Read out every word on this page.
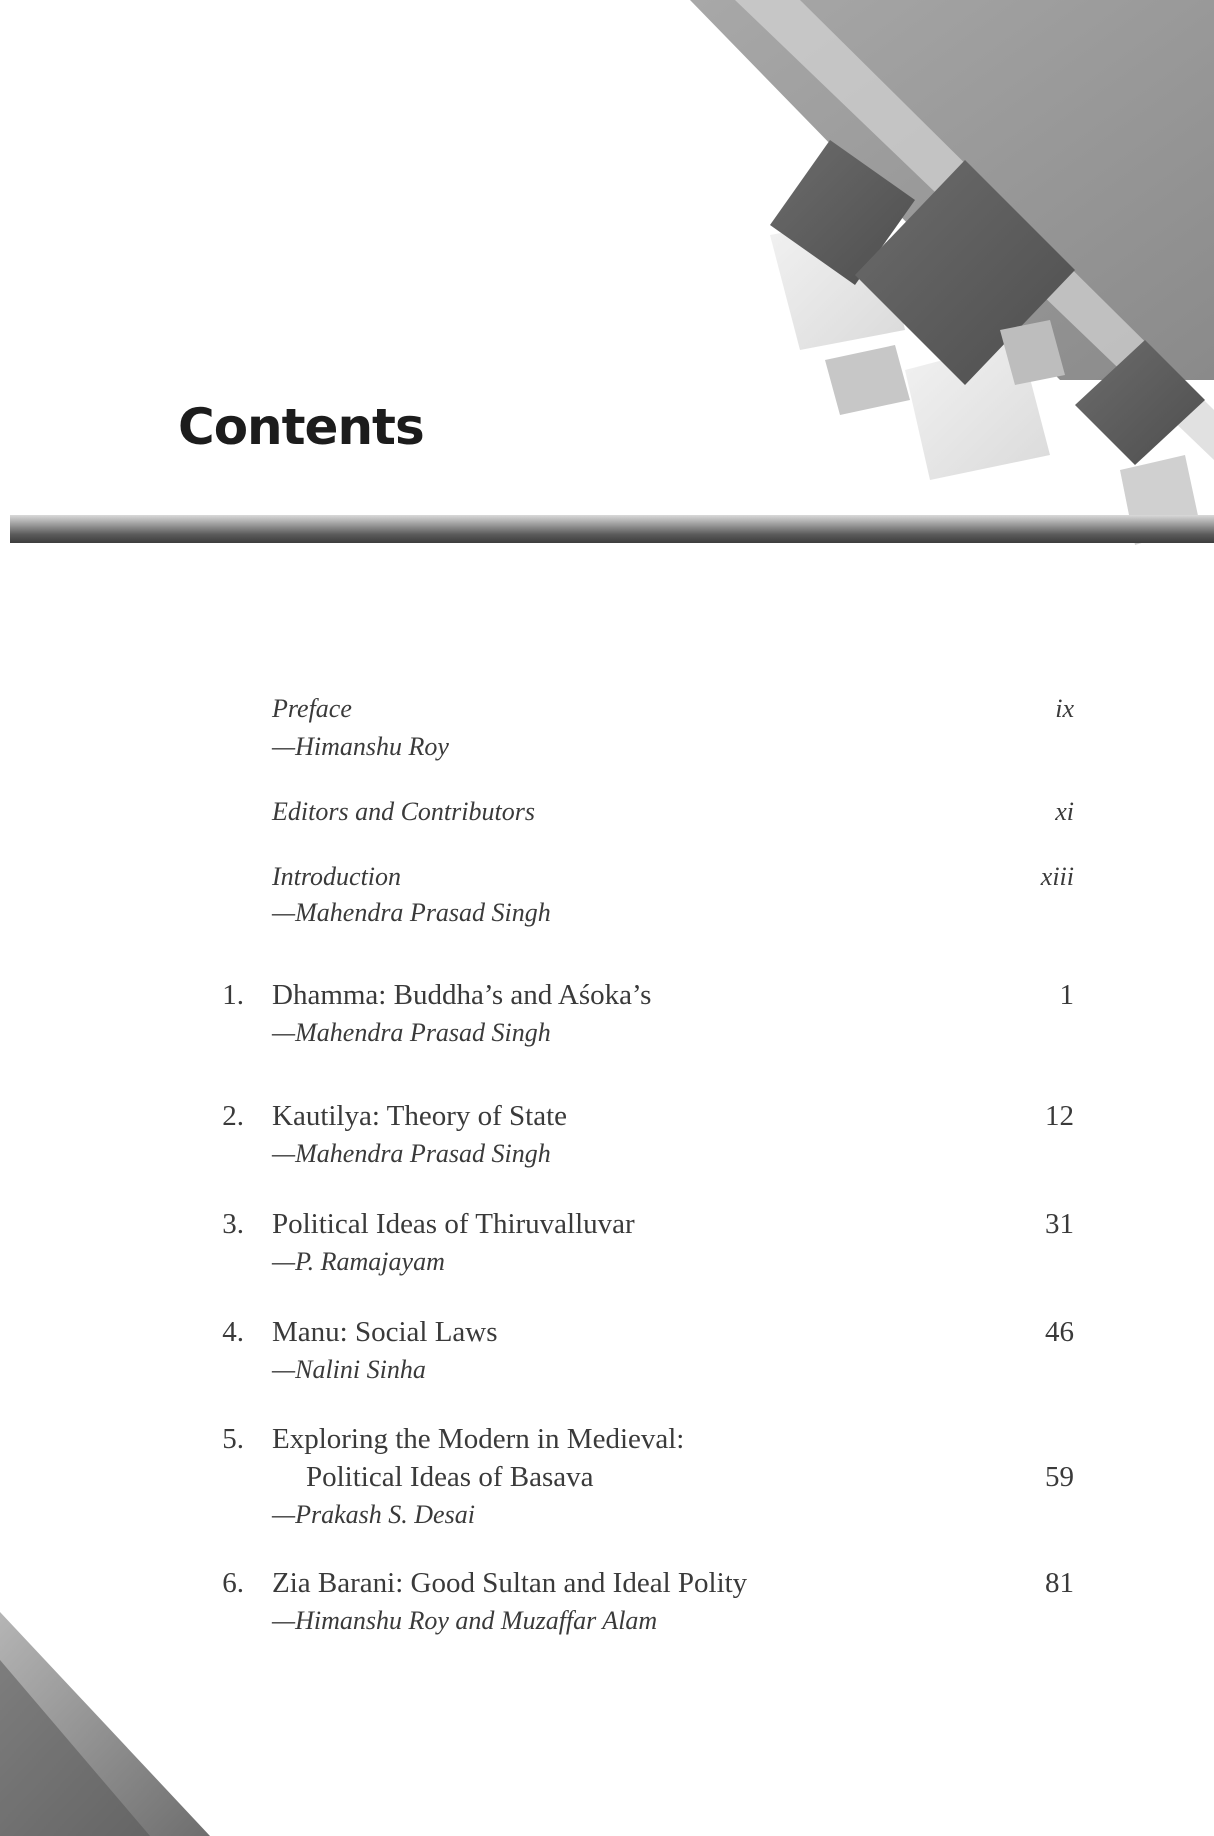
Contents
Preface
—Himanshu Roy
ix
Editors and Contributors	xi
Introduction
—Mahendra Prasad Singh
xiii
1. Dhamma: Buddha’s and Aśoka’s
—Mahendra Prasad Singh
1
2. Kautilya: Theory of State
—Mahendra Prasad Singh
12
3. Political Ideas of Thiruvalluvar
—P. Ramajayam
31
4. Manu: Social Laws
—Nalini Sinha
46
5. Exploring the Modern in Medieval:
Political Ideas of Basava
—Prakash S. Desai
59
6. Zia Barani: Good Sultan and Ideal Polity
—Himanshu Roy and Muzaffar Alam
81
